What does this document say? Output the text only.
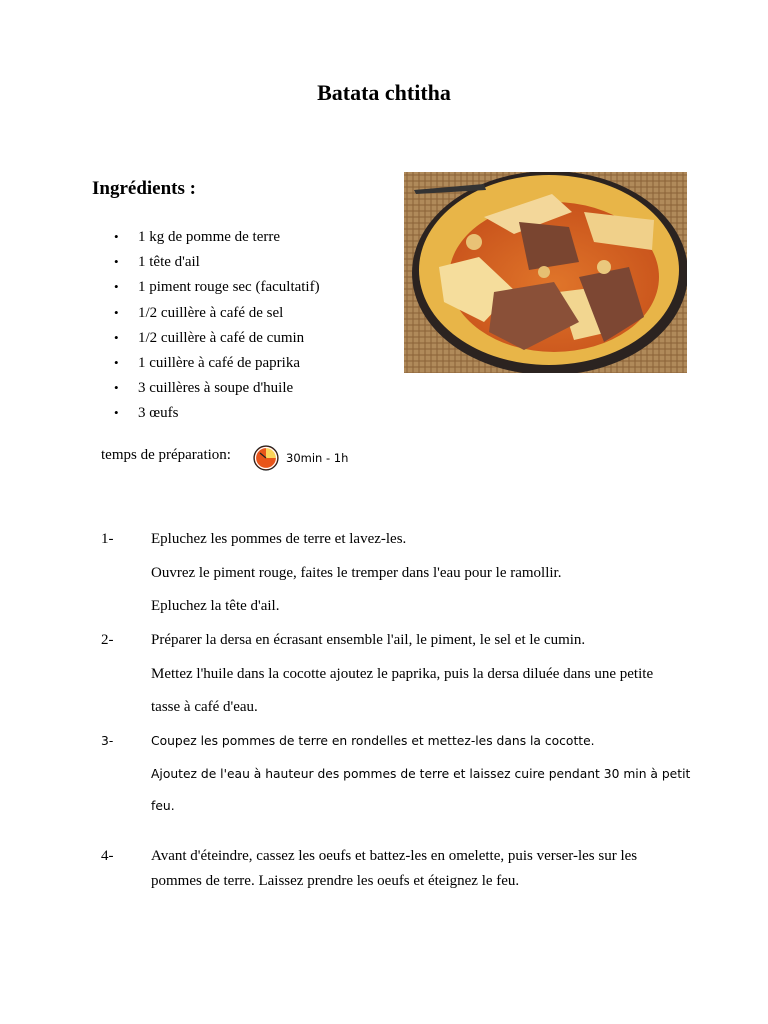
Batata chtitha
Ingrédients :
• 1 kg de pomme de terre
• 1 tête d'ail
• 1 piment rouge sec (facultatif)
• 1/2 cuillère à café de sel
• 1/2 cuillère à café de cumin
• 1 cuillère à café de paprika
• 3 cuillères à soupe d'huile
• 3 œufs
temps de préparation:	30min - 1h
1-	Epluchez les pommes de terre et lavez-les.
Ouvrez le piment rouge, faites le tremper dans l'eau pour le ramollir.
Epluchez la tête d'ail.
2-	Préparer la dersa en écrasant ensemble l'ail, le piment, le sel et le cumin.
Mettez l'huile dans la cocotte ajoutez le paprika, puis la dersa diluée dans une petite
tasse à café d'eau.
3-	Coupez les pommes de terre en rondelles et mettez-les dans la cocotte.
Ajoutez de l'eau à hauteur des pommes de terre et laissez cuire pendant 30 min à petit
feu.
4-	Avant d'éteindre, cassez les oeufs et battez-les en omelette, puis verser-les sur les
pommes de terre. Laissez prendre les oeufs et éteignez le feu.
